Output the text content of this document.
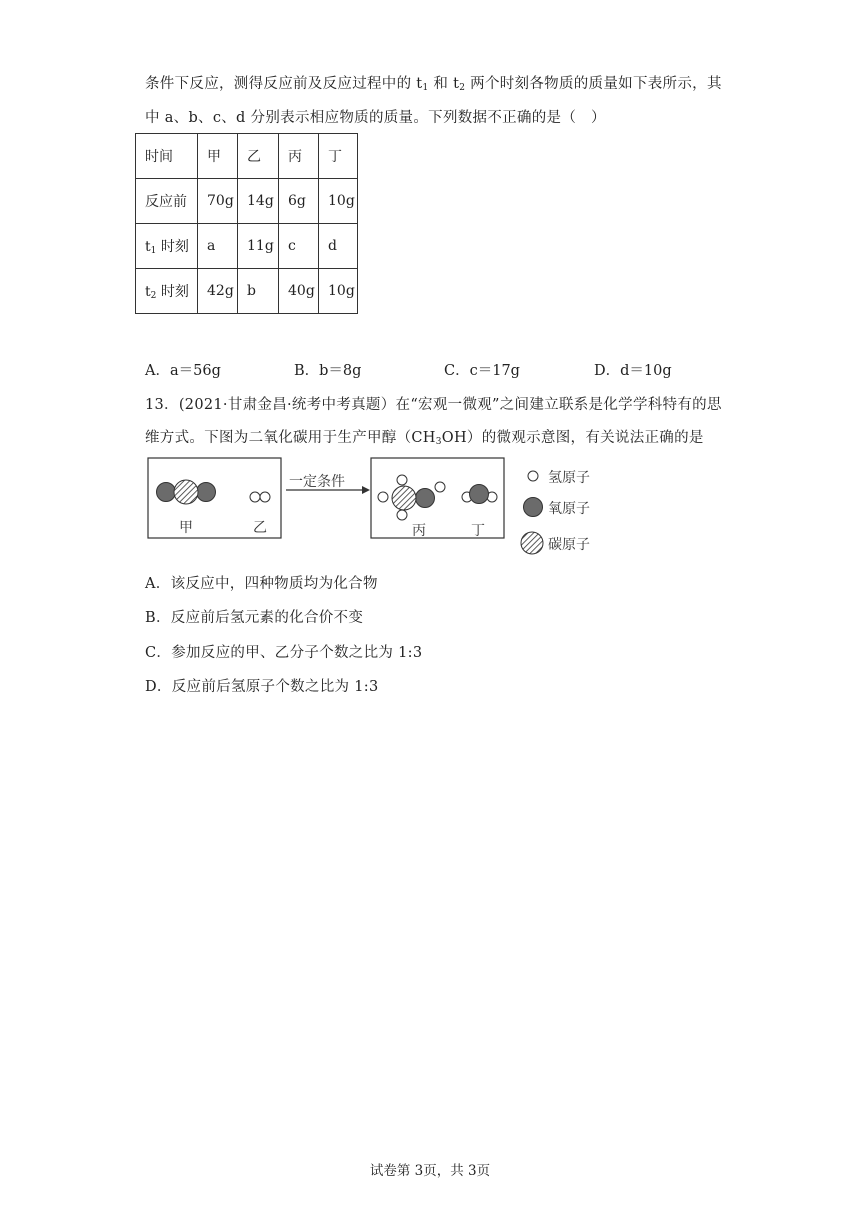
条件下反应，测得反应前及反应过程中的 $t_1$ 和 $t_2$ 两个时刻各物质的质量如下表所示，其
中 a、b、c、d 分别表示相应物质的质量。下列数据不正确的是（　）
时间	甲	乙	丙	丁
反应前	70g	14g	6g	10g
$t_1$ 时刻	a	11g	c	d
$t_2$ 时刻	42g	b	40g	10g
A．a＝56g	B．b＝8g	C．c＝17g	D．d＝10g
13．(2021·甘肃金昌·统考中考真题）在“宏观一微观”之间建立联系是化学学科特有的思
维方式。下图为二氧化碳用于生产甲醇$(CH_3OH)$的微观示意图，有关说法正确的是
一定条件
甲	乙	丙	丁
氢原子
氧原子
碳原子
A．该反应中，四种物质均为化合物
B．反应前后氢元素的化合价不变
C．参加反应的甲、乙分子个数之比为 1:3
D．反应前后氢原子个数之比为 1:3
试卷第 3页，共 3页
